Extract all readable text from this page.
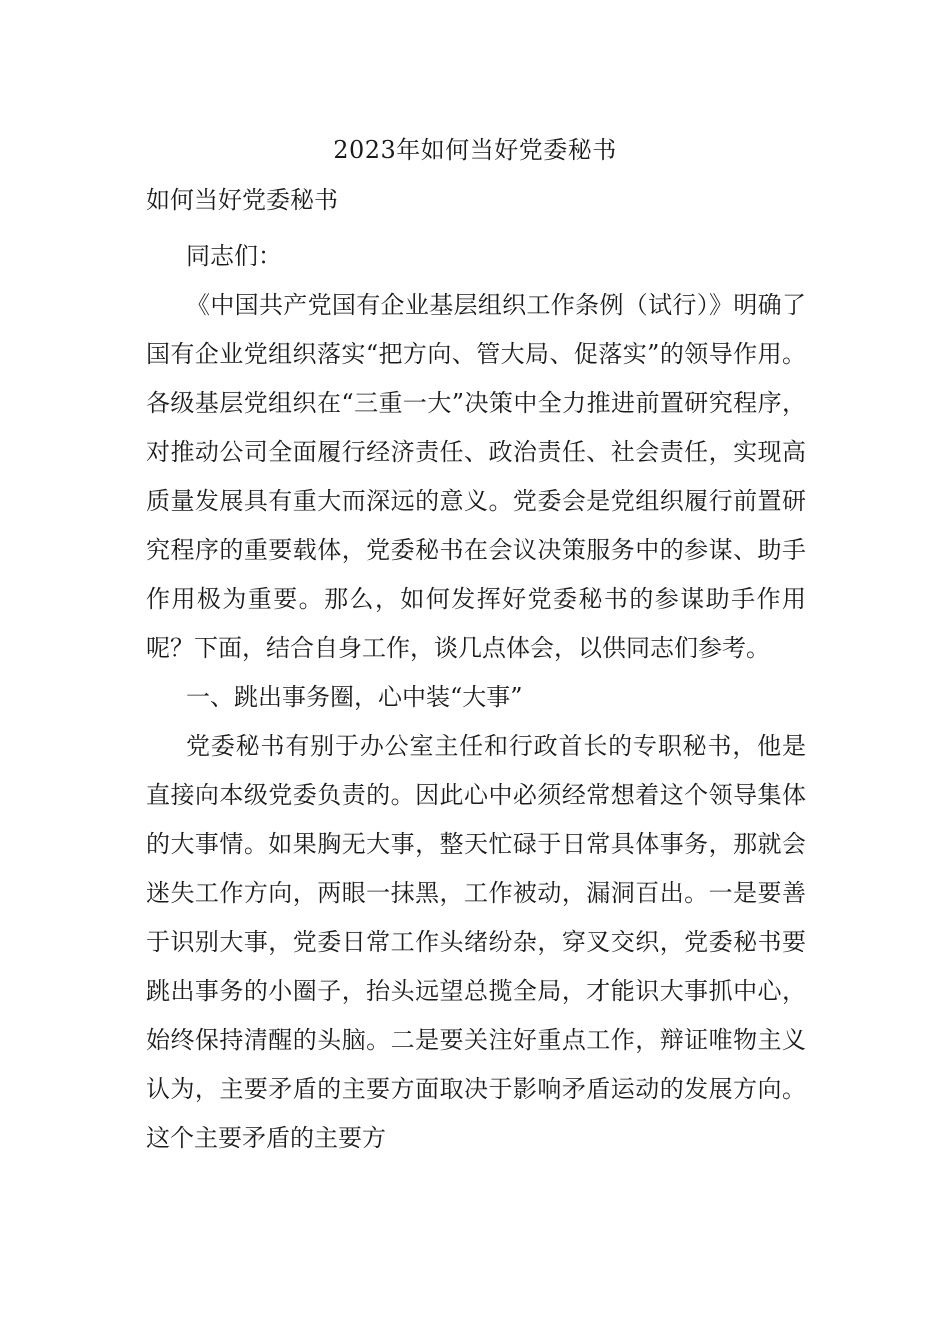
2023年如何当好党委秘书
如何当好党委秘书

同志们：

《中国共产党国有企业基层组织工作条例（试行）》明确了国有企业党组织落实“把方向、管大局、促落实”的领导作用。各级基层党组织在“三重一大”决策中全力推进前置研究程序，对推动公司全面履行经济责任、政治责任、社会责任，实现高质量发展具有重大而深远的意义。党委会是党组织履行前置研究程序的重要载体，党委秘书在会议决策服务中的参谋、助手作用极为重要。那么，如何发挥好党委秘书的参谋助手作用呢？下面，结合自身工作，谈几点体会，以供同志们参考。

一、跳出事务圈，心中装“大事”

党委秘书有别于办公室主任和行政首长的专职秘书，他是直接向本级党委负责的。因此心中必须经常想着这个领导集体的大事情。如果胸无大事，整天忙碌于日常具体事务，那就会迷失工作方向，两眼一抹黑，工作被动，漏洞百出。一是要善于识别大事，党委日常工作头绪纷杂，穿叉交织，党委秘书要跳出事务的小圈子，抬头远望总揽全局，才能识大事抓中心，始终保持清醒的头脑。二是要关注好重点工作，辩证唯物主义认为，主要矛盾的主要方面取决于影响矛盾运动的发展方向。这个主要矛盾的主要方
